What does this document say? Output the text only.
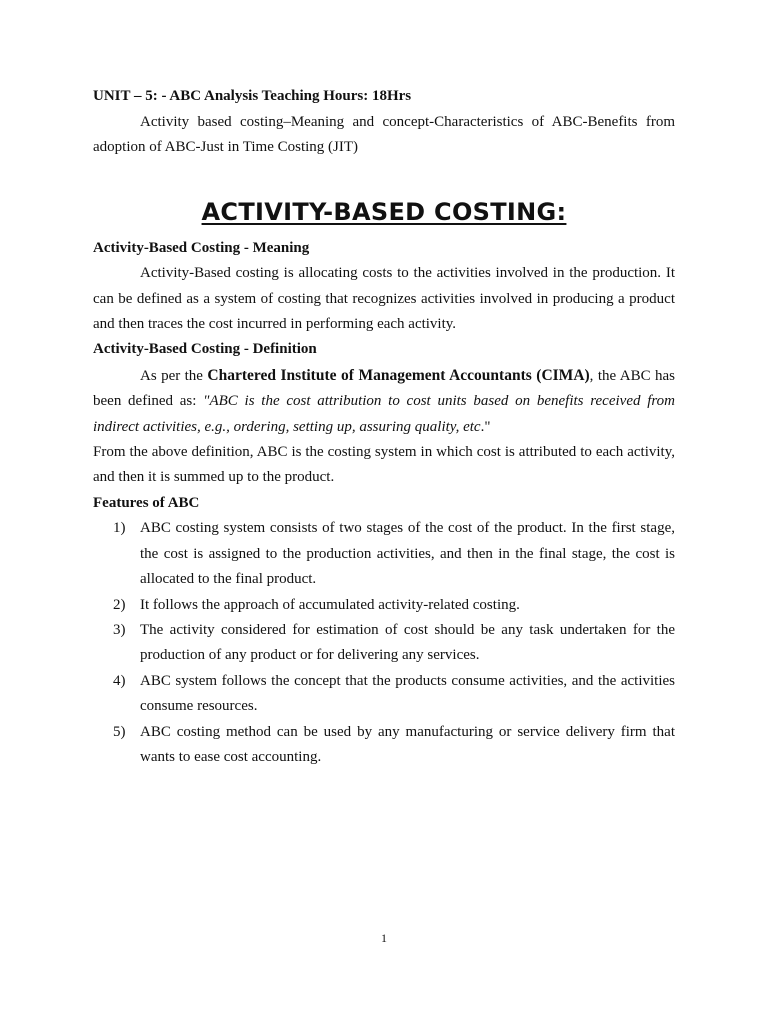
UNIT – 5: - ABC Analysis Teaching Hours: 18Hrs

Activity based costing–Meaning and concept-Characteristics of ABC-Benefits from adoption of ABC-Just in Time Costing (JIT)

ACTIVITY-BASED COSTING:

Activity-Based Costing - Meaning

Activity-Based costing is allocating costs to the activities involved in the production. It can be defined as a system of costing that recognizes activities involved in producing a product and then traces the cost incurred in performing each activity.

Activity-Based Costing - Definition

As per the Chartered Institute of Management Accountants (CIMA), the ABC has been defined as: "ABC is the cost attribution to cost units based on benefits received from indirect activities, e.g., ordering, setting up, assuring quality, etc."

From the above definition, ABC is the costing system in which cost is attributed to each activity, and then it is summed up to the product.

Features of ABC

1) ABC costing system consists of two stages of the cost of the product. In the first stage, the cost is assigned to the production activities, and then in the final stage, the cost is allocated to the final product.
2) It follows the approach of accumulated activity-related costing.
3) The activity considered for estimation of cost should be any task undertaken for the production of any product or for delivering any services.
4) ABC system follows the concept that the products consume activities, and the activities consume resources.
5) ABC costing method can be used by any manufacturing or service delivery firm that wants to ease cost accounting.
1
